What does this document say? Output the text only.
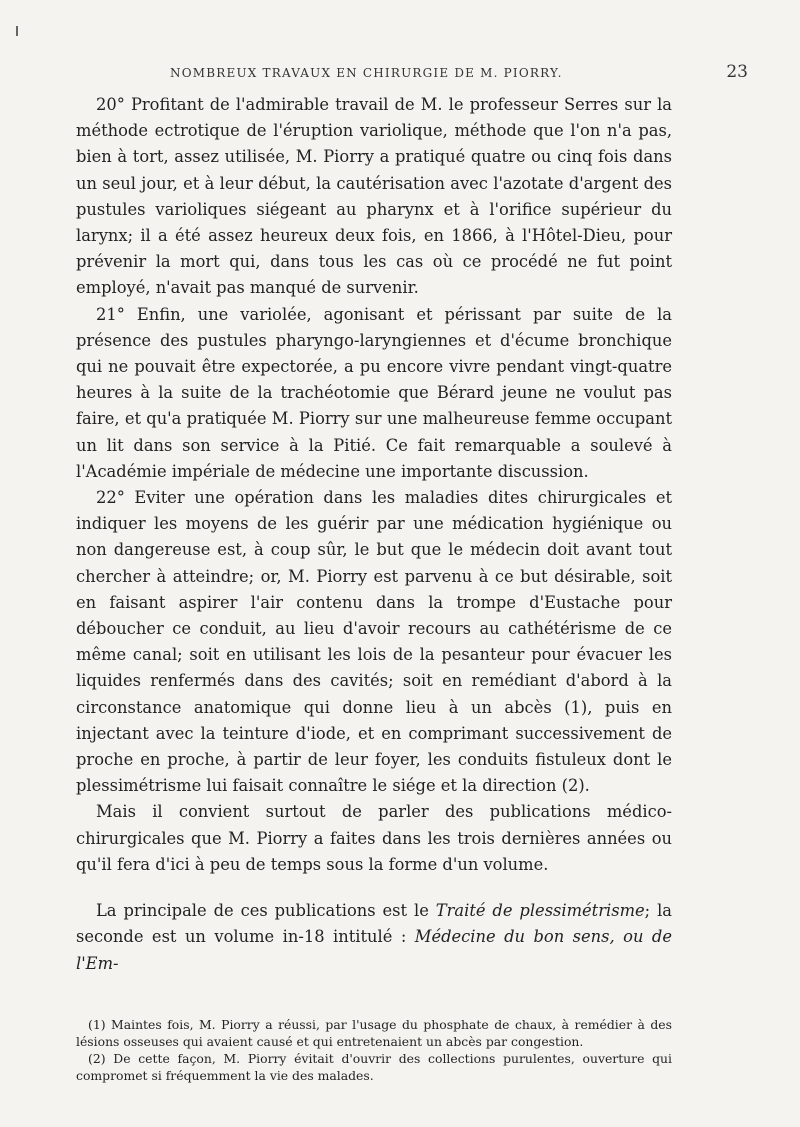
NOMBREUX TRAVAUX EN CHIRURGIE DE M. PIORRY.	23

20° Profitant de l'admirable travail de M. le professeur Serres sur la méthode ectrotique de l'éruption variolique, méthode que l'on n'a pas, bien à tort, assez utilisée, M. Piorry a pratiqué quatre ou cinq fois dans un seul jour, et à leur début, la cautérisation avec l'azotate d'argent des pustules varioliques siégeant au pharynx et à l'orifice supérieur du larynx; il a été assez heureux deux fois, en 1866, à l'Hôtel-Dieu, pour prévenir la mort qui, dans tous les cas où ce procédé ne fut point employé, n'avait pas manqué de survenir.

21° Enfin, une variolée, agonisant et périssant par suite de la présence des pustules pharyngo-laryngiennes et d'écume bronchique qui ne pouvait être expectorée, a pu encore vivre pendant vingt-quatre heures à la suite de la trachéotomie que Bérard jeune ne voulut pas faire, et qu'a pratiquée M. Piorry sur une malheureuse femme occupant un lit dans son service à la Pitié. Ce fait remarquable a soulevé à l'Académie impériale de médecine une importante discussion.

22° Eviter une opération dans les maladies dites chirurgicales et indiquer les moyens de les guérir par une médication hygiénique ou non dangereuse est, à coup sûr, le but que le médecin doit avant tout chercher à atteindre; or, M. Piorry est parvenu à ce but désirable, soit en faisant aspirer l'air contenu dans la trompe d'Eustache pour déboucher ce conduit, au lieu d'avoir recours au cathétérisme de ce même canal; soit en utilisant les lois de la pesanteur pour évacuer les liquides renfermés dans des cavités; soit en remédiant d'abord à la circonstance anatomique qui donne lieu à un abcès (1), puis en injectant avec la teinture d'iode, et en comprimant successivement de proche en proche, à partir de leur foyer, les conduits fistuleux dont le plessimétrisme lui faisait connaître le siége et la direction (2).

Mais il convient surtout de parler des publications médico-chirurgicales que M. Piorry a faites dans les trois dernières années ou qu'il fera d'ici à peu de temps sous la forme d'un volume.

La principale de ces publications est le Traité de plessimétrisme; la seconde est un volume in-18 intitulé : Médecine du bon sens, ou de l'Em-

(1) Maintes fois, M. Piorry a réussi, par l'usage du phosphate de chaux, à remédier à des lésions osseuses qui avaient causé et qui entretenaient un abcès par congestion.

(2) De cette façon, M. Piorry évitait d'ouvrir des collections purulentes, ouverture qui compromet si fréquemment la vie des malades.
